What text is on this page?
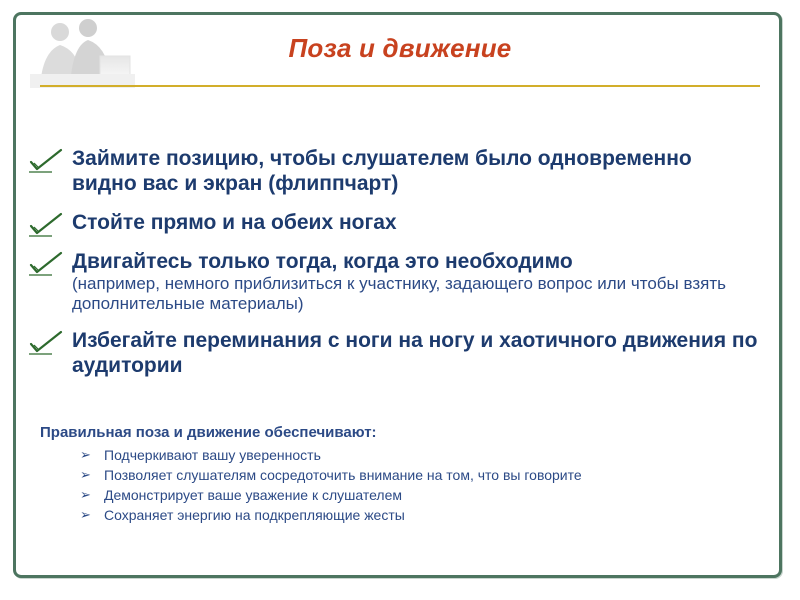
Поза и движение
Займите позицию, чтобы слушателем было одновременно видно вас и экран (флиппчарт)
Стойте прямо и на обеих ногах
Двигайтесь только тогда, когда это необходимо
(например, немного приблизиться к участнику, задающего вопрос или чтобы взять дополнительные материалы)
Избегайте переминания с ноги на ногу и хаотичного движения по аудитории
Правильная поза и движение обеспечивают:
➢ Подчеркивают вашу уверенность
➢ Позволяет слушателям сосредоточить внимание на том, что вы говорите
➢ Демонстрирует ваше уважение к слушателем
➢ Сохраняет энергию на подкрепляющие жесты
